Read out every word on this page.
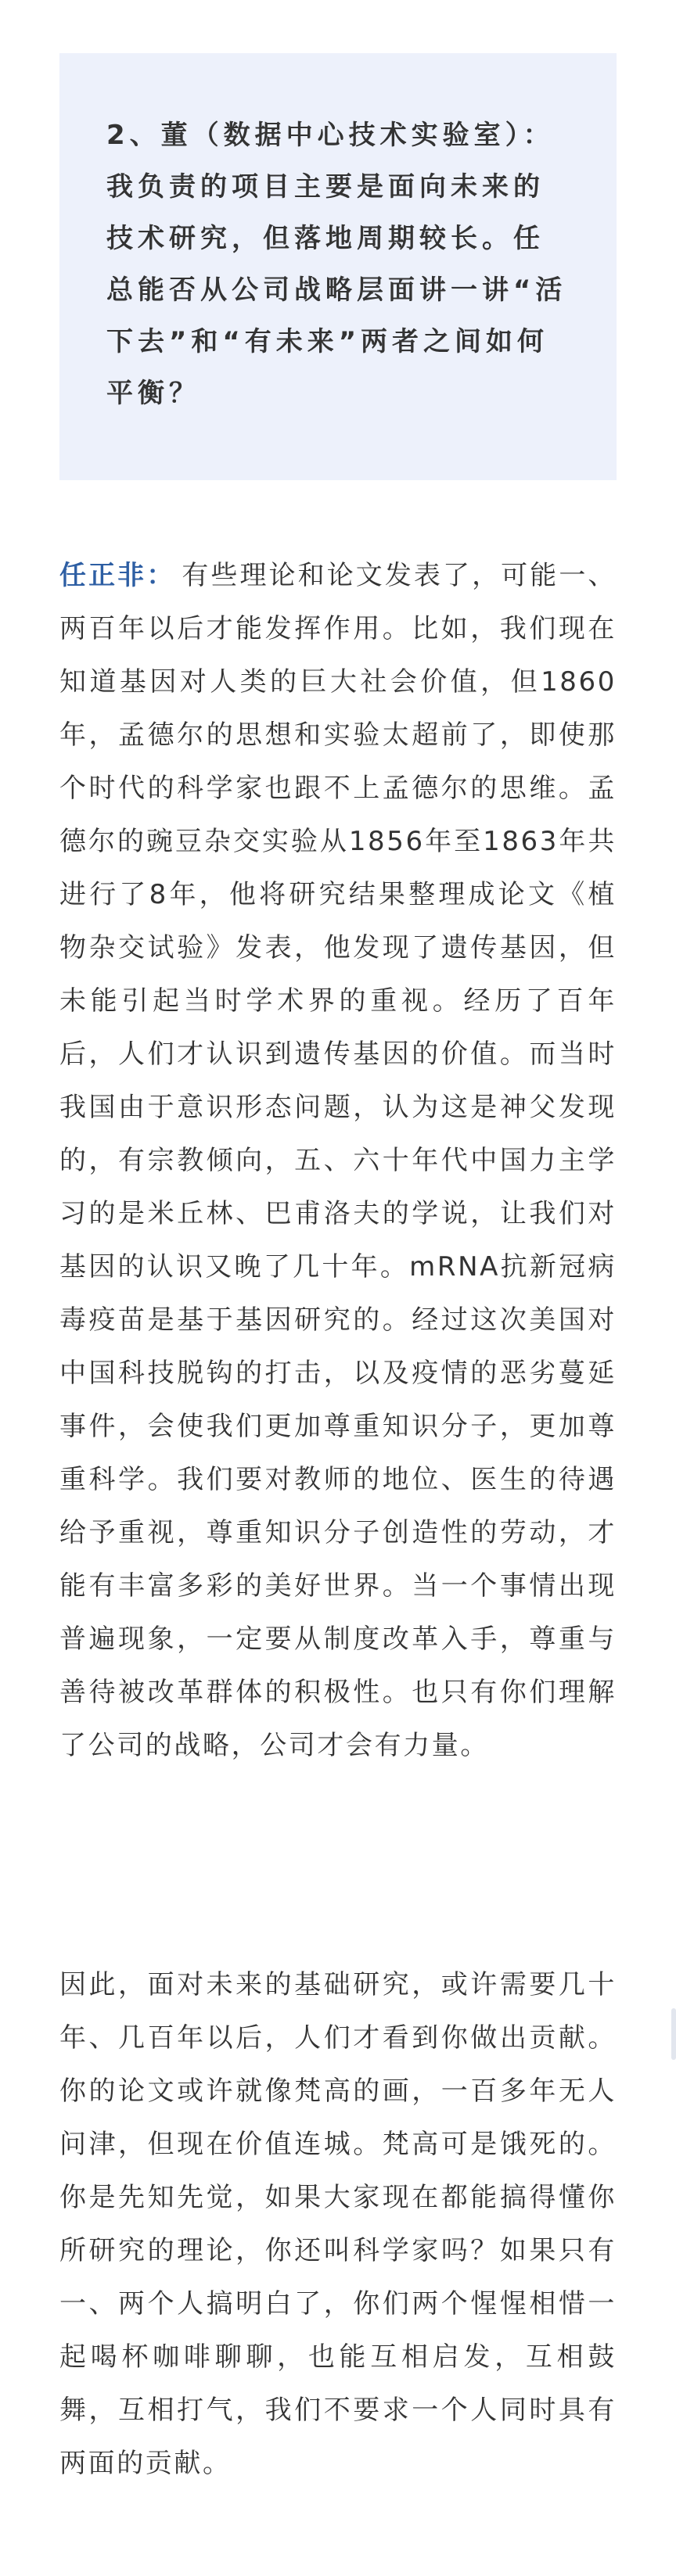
2、董（数据中心技术实验室）：我负责的项目主要是面向未来的技术研究，但落地周期较长。任总能否从公司战略层面讲一讲“活下去”和“有未来”两者之间如何平衡？

任正非： 有些理论和论文发表了，可能一、两百年以后才能发挥作用。比如，我们现在知道基因对人类的巨大社会价值，但1860年，孟德尔的思想和实验太超前了，即使那个时代的科学家也跟不上孟德尔的思维。孟德尔的豌豆杂交实验从1856年至1863年共进行了8年，他将研究结果整理成论文《植物杂交试验》发表，他发现了遗传基因，但未能引起当时学术界的重视。经历了百年后，人们才认识到遗传基因的价值。而当时我国由于意识形态问题，认为这是神父发现的，有宗教倾向，五、六十年代中国力主学习的是米丘林、巴甫洛夫的学说，让我们对基因的认识又晚了几十年。mRNA抗新冠病毒疫苗是基于基因研究的。经过这次美国对中国科技脱钩的打击，以及疫情的恶劣蔓延事件，会使我们更加尊重知识分子，更加尊重科学。我们要对教师的地位、医生的待遇给予重视，尊重知识分子创造性的劳动，才能有丰富多彩的美好世界。当一个事情出现普遍现象，一定要从制度改革入手，尊重与善待被改革群体的积极性。也只有你们理解了公司的战略，公司才会有力量。

因此，面对未来的基础研究，或许需要几十年、几百年以后，人们才看到你做出贡献。你的论文或许就像梵高的画，一百多年无人问津，但现在价值连城。梵高可是饿死的。你是先知先觉，如果大家现在都能搞得懂你所研究的理论，你还叫科学家吗？如果只有一、两个人搞明白了，你们两个惺惺相惜一起喝杯咖啡聊聊，也能互相启发，互相鼓舞，互相打气，我们不要求一个人同时具有两面的贡献。
